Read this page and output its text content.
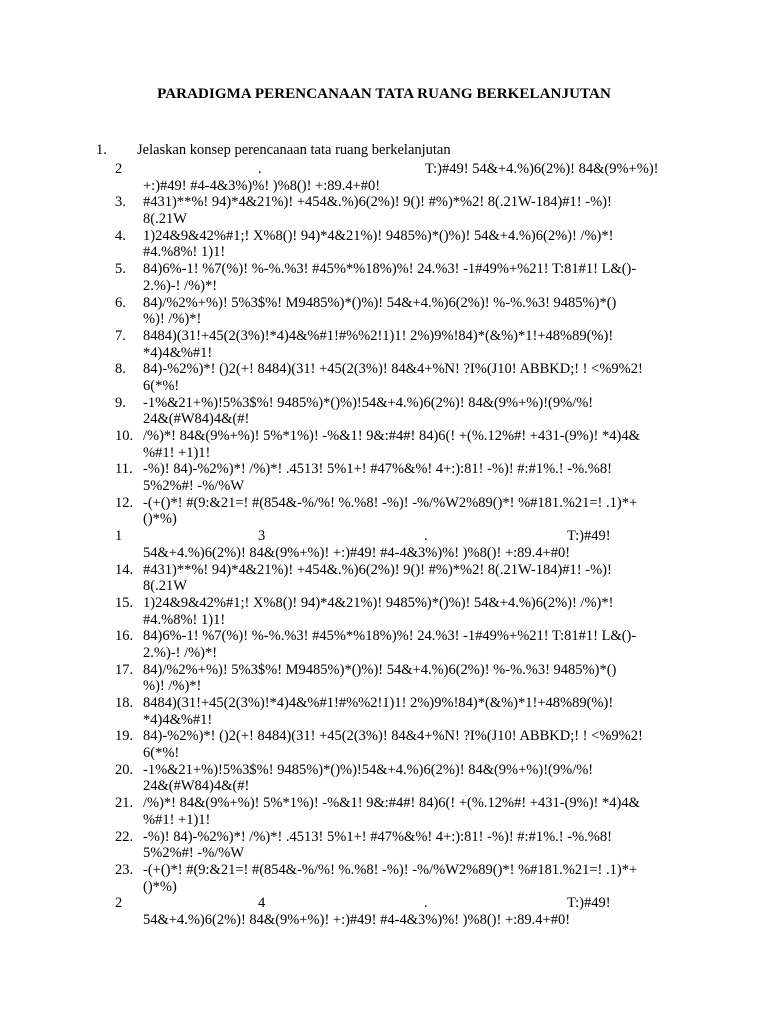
PARADIGMA PERENCANAAN TATA RUANG BERKELANJUTAN
1. Jelaskan konsep perencanaan tata ruang berkelanjutan
2	.	T:)#49! 54&+4.%)6(2%)! 84&(9%+%)!
+:)#49! #4-4&3%)%! )%8()! +:89.4+#0!
3. #431)**%! 94)*4&21%)! +454&.%)6(2%)! 9()! #%)*%2! 8(.21W-184)#1! -%)!
8(.21W
4. 1)24&9&42%#1;! X%8()! 94)*4&21%)! 9485%)*()%)! 54&+4.%)6(2%)! /%)*!
#4.%8%! 1)1!
5. 84)6%-1! %7(%)! %-%.%3! #45%*%18%)%! 24.%3! -1#49%+%21! T:81#1! L&()-
2.%)-! /%)*!
6. 84)/%2%+%)! 5%3$%! M9485%)*()%)! 54&+4.%)6(2%)! %-%.%3! 9485%)*()
%)! /%)*!
7. 8484)(31!+45(2(3%)!*4)4&%#1!#%%2!1)1! 2%)9%!84)*(&%)*1!+48%89(%)!
*4)4&%#1!
8. 84)-%2%)*! ()2(+! 8484)(31! +45(2(3%)! 84&4+%N! ?I%(J10! ABBKD;! ! <%9%2!
6(*%!
9. -1%&21+%)!5%3$%! 9485%)*()%)!54&+4.%)6(2%)! 84&(9%+%)!(9%/%!
24&(#W84)4&(#!
10. /%)*! 84&(9%+%)! 5%*1%)! -%&1! 9&:#4#! 84)6(! +(%.12%#! +431-(9%)! *4)4&
%#1! +1)1!
11. -%)! 84)-%2%)*! /%)*! .4513! 5%1+! #47%&%! 4+:):81! -%)! #:#1%.! -%.%8!
5%2%#! -%/%W
12. -(+()*! #(9:&21=! #(854&-%/%! %.%8! -%)! -%/%W2%89()*! %#181.%21=! .1)*+
()*%)
1	3	.	T:)#49!
54&+4.%)6(2%)! 84&(9%+%)! +:)#49! #4-4&3%)%! )%8()! +:89.4+#0!
14. #431)**%! 94)*4&21%)! +454&.%)6(2%)! 9()! #%)*%2! 8(.21W-184)#1! -%)!
8(.21W
15. 1)24&9&42%#1;! X%8()! 94)*4&21%)! 9485%)*()%)! 54&+4.%)6(2%)! /%)*!
#4.%8%! 1)1!
16. 84)6%-1! %7(%)! %-%.%3! #45%*%18%)%! 24.%3! -1#49%+%21! T:81#1! L&()-
2.%)-! /%)*!
17. 84)/%2%+%)! 5%3$%! M9485%)*()%)! 54&+4.%)6(2%)! %-%.%3! 9485%)*()
%)! /%)*!
18. 8484)(31!+45(2(3%)!*4)4&%#1!#%%2!1)1! 2%)9%!84)*(&%)*1!+48%89(%)!
*4)4&%#1!
19. 84)-%2%)*! ()2(+! 8484)(31! +45(2(3%)! 84&4+%N! ?I%(J10! ABBKD;! ! <%9%2!
6(*%!
20. -1%&21+%)!5%3$%! 9485%)*()%)!54&+4.%)6(2%)! 84&(9%+%)!(9%/%!
24&(#W84)4&(#!
21. /%)*! 84&(9%+%)! 5%*1%)! -%&1! 9&:#4#! 84)6(! +(%.12%#! +431-(9%)! *4)4&
%#1! +1)1!
22. -%)! 84)-%2%)*! /%)*! .4513! 5%1+! #47%&%! 4+:):81! -%)! #:#1%.! -%.%8!
5%2%#! -%/%W
23. -(+()*! #(9:&21=! #(854&-%/%! %.%8! -%)! -%/%W2%89()*! %#181.%21=! .1)*+
()*%)
2	4	.	T:)#49!
54&+4.%)6(2%)! 84&(9%+%)! +:)#49! #4-4&3%)%! )%8()! +:89.4+#0!
